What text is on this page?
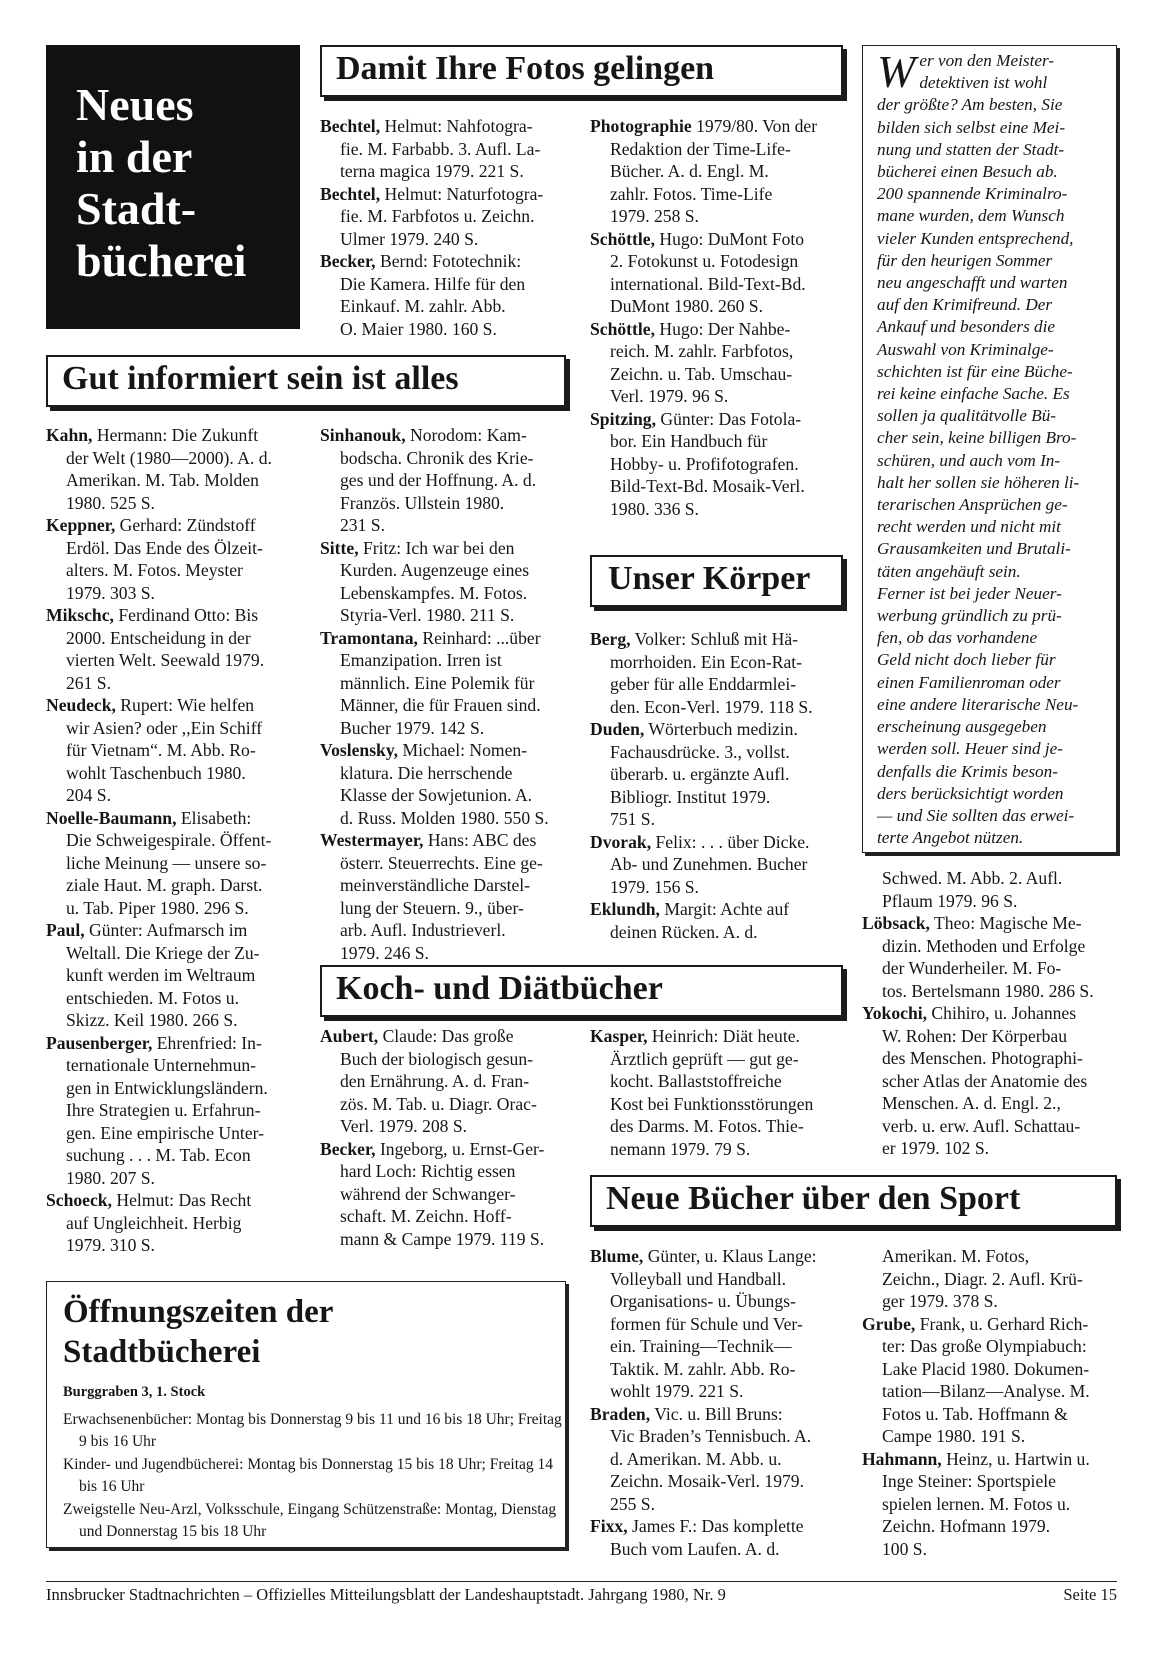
Neues
in der
Stadt-
bücherei
Damit Ihre Fotos gelingen
Gut informiert sein ist alles
Unser Körper
Koch- und Diätbücher
Neue Bücher über den Sport

Bechtel, Helmut: Nahfotogra-

fie. M. Farbabb. 3. Aufl. La-

terna magica 1979. 221 S.

Bechtel, Helmut: Naturfotogra-

fie. M. Farbfotos u. Zeichn.

Ulmer 1979. 240 S.

Becker, Bernd: Fototechnik:

Die Kamera. Hilfe für den

Einkauf. M. zahlr. Abb.

O. Maier 1980. 160 S.

Photographie 1979/80. Von der

Redaktion der Time-Life-

Bücher. A. d. Engl. M.

zahlr. Fotos. Time-Life

1979. 258 S.

Schöttle, Hugo: DuMont Foto

2. Fotokunst u. Fotodesign

international. Bild-Text-Bd.

DuMont 1980. 260 S.

Schöttle, Hugo: Der Nahbe-

reich. M. zahlr. Farbfotos,

Zeichn. u. Tab. Umschau-

Verl. 1979. 96 S.

Spitzing, Günter: Das Fotola-

bor. Ein Handbuch für

Hobby- u. Profifotografen.

Bild-Text-Bd. Mosaik-Verl.

1980. 336 S.

Kahn, Hermann: Die Zukunft

der Welt (1980—2000). A. d.

Amerikan. M. Tab. Molden

1980. 525 S.

Keppner, Gerhard: Zündstoff

Erdöl. Das Ende des Ölzeit-

alters. M. Fotos. Meyster

1979. 303 S.

Mikschc, Ferdinand Otto: Bis

2000. Entscheidung in der

vierten Welt. Seewald 1979.

261 S.

Neudeck, Rupert: Wie helfen

wir Asien? oder ,,Ein Schiff

für Vietnam“. M. Abb. Ro-

wohlt Taschenbuch 1980.

204 S.

Noelle-Baumann, Elisabeth:

Die Schweigespirale. Öffent-

liche Meinung — unsere so-

ziale Haut. M. graph. Darst.

u. Tab. Piper 1980. 296 S.

Paul, Günter: Aufmarsch im

Weltall. Die Kriege der Zu-

kunft werden im Weltraum

entschieden. M. Fotos u.

Skizz. Keil 1980. 266 S.

Pausenberger, Ehrenfried: In-

ternationale Unternehmun-

gen in Entwicklungsländern.

Ihre Strategien u. Erfahrun-

gen. Eine empirische Unter-

suchung . . . M. Tab. Econ

1980. 207 S.

Schoeck, Helmut: Das Recht

auf Ungleichheit. Herbig

1979. 310 S.

Sinhanouk, Norodom: Kam-

bodscha. Chronik des Krie-

ges und der Hoffnung. A. d.

Französ. Ullstein 1980.

231 S.

Sitte, Fritz: Ich war bei den

Kurden. Augenzeuge eines

Lebenskampfes. M. Fotos.

Styria-Verl. 1980. 211 S.

Tramontana, Reinhard: ...über

Emanzipation. Irren ist

männlich. Eine Polemik für

Männer, die für Frauen sind.

Bucher 1979. 142 S.

Voslensky, Michael: Nomen-

klatura. Die herrschende

Klasse der Sowjetunion. A.

d. Russ. Molden 1980. 550 S.

Westermayer, Hans: ABC des

österr. Steuerrechts. Eine ge-

meinverständliche Darstel-

lung der Steuern. 9., über-

arb. Aufl. Industrieverl.

1979. 246 S.

Berg, Volker: Schluß mit Hä-

morrhoiden. Ein Econ-Rat-

geber für alle Enddarmlei-

den. Econ-Verl. 1979. 118 S.

Duden, Wörterbuch medizin.

Fachausdrücke. 3., vollst.

überarb. u. ergänzte Aufl.

Bibliogr. Institut 1979.

751 S.

Dvorak, Felix: . . . über Dicke.

Ab- und Zunehmen. Bucher

1979. 156 S.

Eklundh, Margit: Achte auf

deinen Rücken. A. d.

Schwed. M. Abb. 2. Aufl.

Pflaum 1979. 96 S.

Löbsack, Theo: Magische Me-

dizin. Methoden und Erfolge

der Wunderheiler. M. Fo-

tos. Bertelsmann 1980. 286 S.

Yokochi, Chihiro, u. Johannes

W. Rohen: Der Körperbau

des Menschen. Photographi-

scher Atlas der Anatomie des

Menschen. A. d. Engl. 2.,

verb. u. erw. Aufl. Schattau-

er 1979. 102 S.

Aubert, Claude: Das große

Buch der biologisch gesun-

den Ernährung. A. d. Fran-

zös. M. Tab. u. Diagr. Orac-

Verl. 1979. 208 S.

Becker, Ingeborg, u. Ernst-Ger-

hard Loch: Richtig essen

während der Schwanger-

schaft. M. Zeichn. Hoff-

mann & Campe 1979. 119 S.

Kasper, Heinrich: Diät heute.

Ärztlich geprüft — gut ge-

kocht. Ballaststoffreiche

Kost bei Funktionsstörungen

des Darms. M. Fotos. Thie-

nemann 1979. 79 S.

Blume, Günter, u. Klaus Lange:

Volleyball und Handball.

Organisations- u. Übungs-

formen für Schule und Ver-

ein. Training—Technik—

Taktik. M. zahlr. Abb. Ro-

wohlt 1979. 221 S.

Braden, Vic. u. Bill Bruns:

Vic Braden’s Tennisbuch. A.

d. Amerikan. M. Abb. u.

Zeichn. Mosaik-Verl. 1979.

255 S.

Fixx, James F.: Das komplette

Buch vom Laufen. A. d.

Amerikan. M. Fotos,

Zeichn., Diagr. 2. Aufl. Krü-

ger 1979. 378 S.

Grube, Frank, u. Gerhard Rich-

ter: Das große Olympiabuch:

Lake Placid 1980. Dokumen-

tation—Bilanz—Analyse. M.

Fotos u. Tab. Hoffmann &

Campe 1980. 191 S.

Hahmann, Heinz, u. Hartwin u.

Inge Steiner: Sportspiele

spielen lernen. M. Fotos u.

Zeichn. Hofmann 1979.

100 S.

W er von den Meister-

detektiven ist wohl

der größte? Am besten, Sie

bilden sich selbst eine Mei-

nung und statten der Stadt-

bücherei einen Besuch ab.

200 spannende Kriminalro-

mane wurden, dem Wunsch

vieler Kunden entsprechend,

für den heurigen Sommer

neu angeschafft und warten

auf den Krimifreund. Der

Ankauf und besonders die

Auswahl von Kriminalge-

schichten ist für eine Büche-

rei keine einfache Sache. Es

sollen ja qualitätvolle Bü-

cher sein, keine billigen Bro-

schüren, und auch vom In-

halt her sollen sie höheren li-

terarischen Ansprüchen ge-

recht werden und nicht mit

Grausamkeiten und Brutali-

täten angehäuft sein.

Ferner ist bei jeder Neuer-

werbung gründlich zu prü-

fen, ob das vorhandene

Geld nicht doch lieber für

einen Familienroman oder

eine andere literarische Neu-

erscheinung ausgegeben

werden soll. Heuer sind je-

denfalls die Krimis beson-

ders berücksichtigt worden

— und Sie sollten das erwei-

terte Angebot nützen.

Öffnungszeiten der
Stadtbücherei
Burggraben 3, 1. Stock

Erwachsenenbücher: Montag bis Donnerstag 9 bis 11 und 16 bis 18 Uhr; Freitag 9 bis 16 Uhr

Kinder- und Jugendbücherei: Montag bis Donnerstag 15 bis 18 Uhr; Freitag 14 bis 16 Uhr

Zweigstelle Neu-Arzl, Volksschule, Eingang Schützenstraße: Montag, Dienstag und Donnerstag 15 bis 18 Uhr

Innsbrucker Stadtnachrichten – Offizielles Mitteilungsblatt der Landeshauptstadt. Jahrgang 1980, Nr. 9	Seite 15
